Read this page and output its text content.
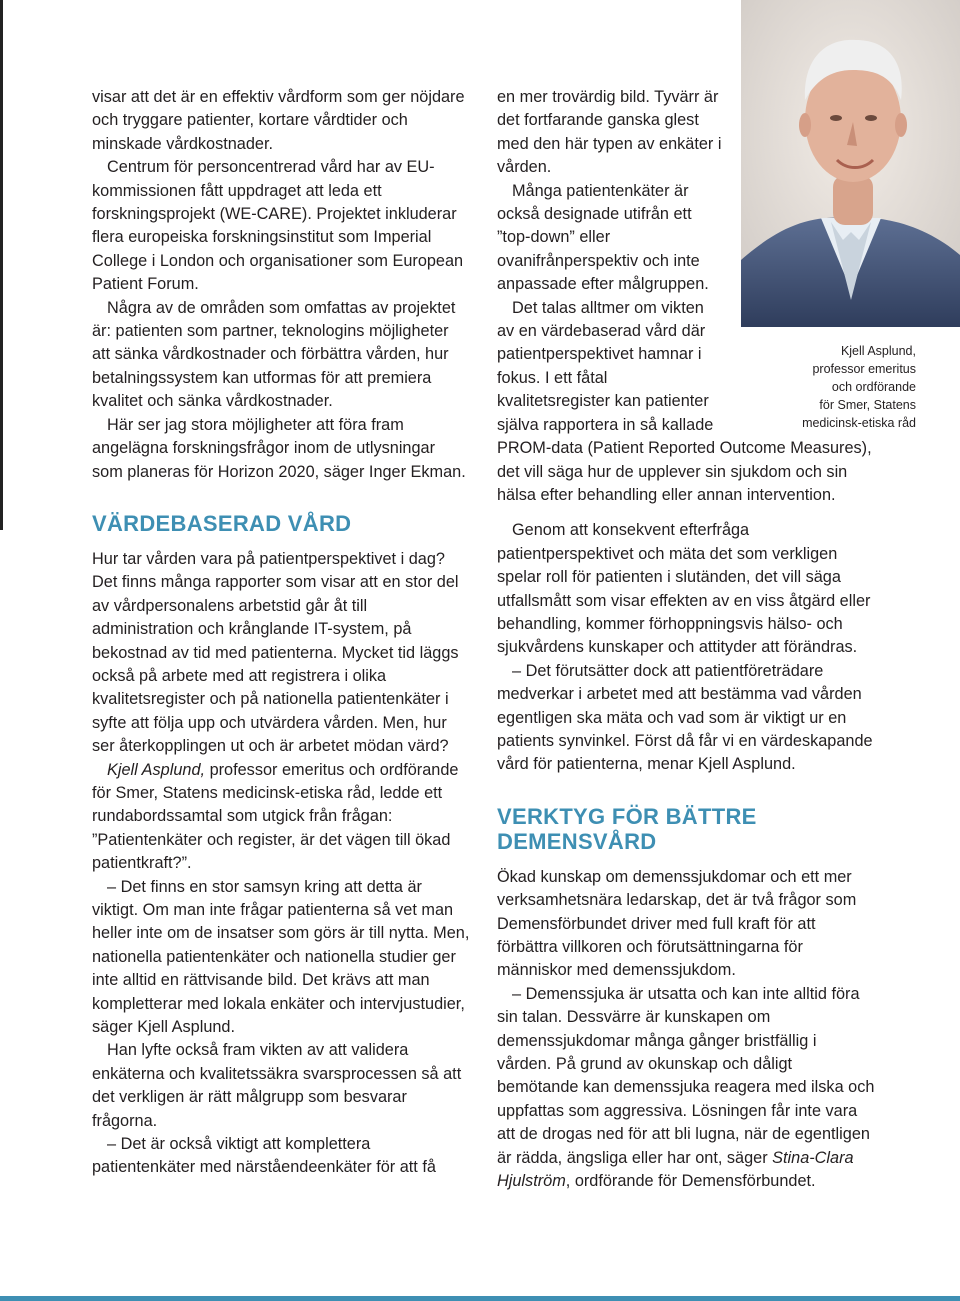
Kjell Asplund,
professor emeritus
och ordförande
för Smer, Statens
medicinsk-etiska råd

visar att det är en effektiv vårdform som ger nöjdare och tryggare patienter, kortare vårdtider och minskade vårdkostnader.

Centrum för personcentrerad vård har av EU-kommissionen fått uppdraget att leda ett forskningsprojekt (WE-CARE). Projektet inkluderar flera europeiska forskningsinstitut som Imperial College i London och organisationer som European Patient Forum.

Några av de områden som omfattas av projektet är: patienten som partner, teknologins möjligheter att sänka vårdkostnader och förbättra vården, hur betalningssystem kan utformas för att premiera kvalitet och sänka vårdkostnader.

Här ser jag stora möjligheter att föra fram angelägna forskningsfrågor inom de utlysningar som planeras för Horizon 2020, säger Inger Ekman.

VÄRDEBASERAD VÅRD

Hur tar vården vara på patientperspektivet i dag? Det finns många rapporter som visar att en stor del av vårdpersonalens arbetstid går åt till administration och krånglande IT-system, på bekostnad av tid med patienterna. Mycket tid läggs också på arbete med att registrera i olika kvalitetsregister och på nationella patientenkäter i syfte att följa upp och utvärdera vården. Men, hur ser återkopplingen ut och är arbetet mödan värd?

Kjell Asplund, professor emeritus och ordförande för Smer, Statens medicinsk-etiska råd, ledde ett rundabordssamtal som utgick från frågan: ”Patientenkäter och register, är det vägen till ökad patientkraft?”.

– Det finns en stor samsyn kring att detta är viktigt. Om man inte frågar patienterna så vet man heller inte om de insatser som görs är till nytta. Men, nationella patientenkäter och nationella studier ger inte alltid en rättvisande bild. Det krävs att man kompletterar med lokala enkäter och intervjustudier, säger Kjell Asplund.

Han lyfte också fram vikten av att validera enkäterna och kvalitetssäkra svarsprocessen så att det verkligen är rätt målgrupp som besvarar frågorna.

– Det är också viktigt att komplettera patientenkäter med närståendeenkäter för att få

en mer trovärdig bild. Tyvärr är det fortfarande ganska glest med den här typen av enkäter i vården.

Många patientenkäter är också designade utifrån ett ”top-down” eller ovanifrånperspektiv och inte anpassade efter målgruppen.

Det talas alltmer om vikten av en värdebaserad vård där patientperspektivet hamnar i fokus. I ett fåtal kvalitetsregister kan patienter själva rapportera in så kallade PROM-data (Patient Reported Outcome Measures), det vill säga hur de upplever sin sjukdom och sin hälsa efter behandling eller annan intervention.

Genom att konsekvent efterfråga patientperspektivet och mäta det som verkligen spelar roll för patienten i slutänden, det vill säga utfallsmått som visar effekten av en viss åtgärd eller behandling, kommer förhoppningsvis hälso- och sjukvårdens kunskaper och attityder att förändras.

– Det förutsätter dock att patientföreträdare medverkar i arbetet med att bestämma vad vården egentligen ska mäta och vad som är viktigt ur en patients synvinkel. Först då får vi en värdeskapande vård för patienterna, menar Kjell Asplund.

VERKTYG FÖR BÄTTRE DEMENSVÅRD

Ökad kunskap om demenssjukdomar och ett mer verksamhetsnära ledarskap, det är två frågor som Demensförbundet driver med full kraft för att förbättra villkoren och förutsättningarna för människor med demenssjukdom.

– Demenssjuka är utsatta och kan inte alltid föra sin talan. Dessvärre är kunskapen om demenssjukdomar många gånger bristfällig i vården. På grund av okunskap och dåligt bemötande kan demenssjuka reagera med ilska och uppfattas som aggressiva. Lösningen får inte vara att de drogas ned för att bli lugna, när de egentligen är rädda, ängsliga eller har ont, säger Stina-Clara Hjulström, ordförande för Demensförbundet.
